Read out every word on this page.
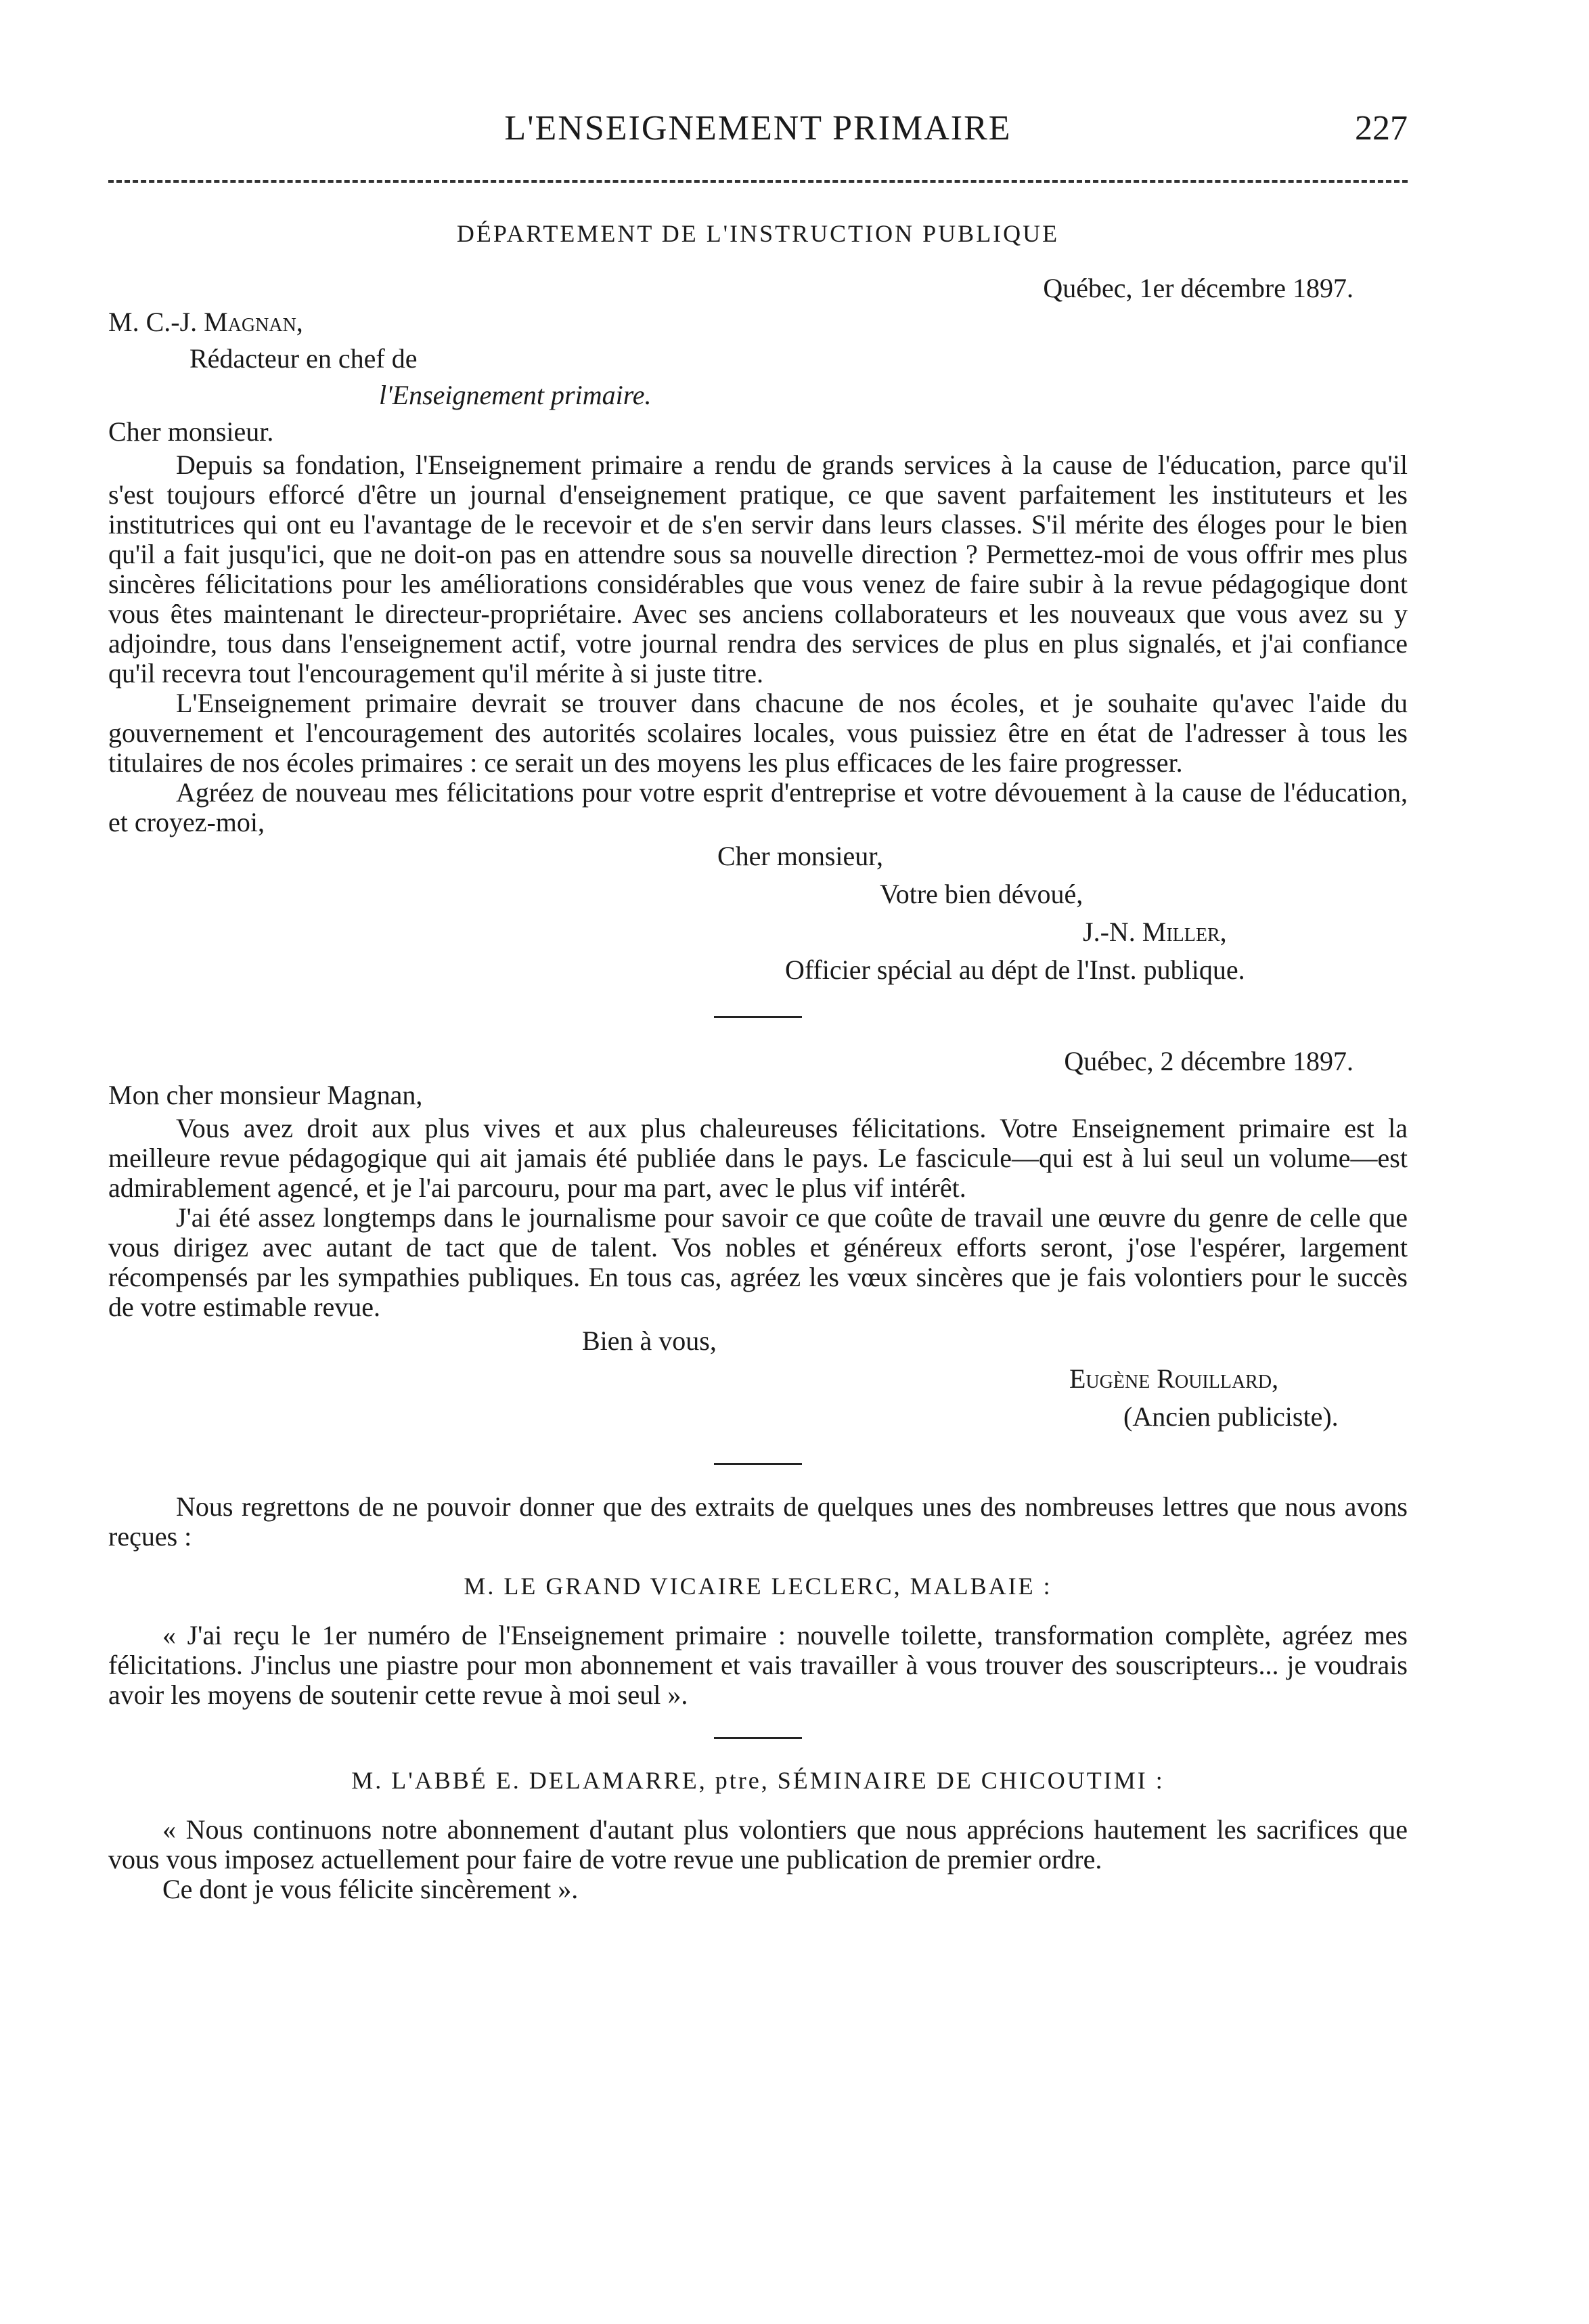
L'ENSEIGNEMENT PRIMAIRE	227

DÉPARTEMENT DE L'INSTRUCTION PUBLIQUE

Québec, 1er décembre 1897.

M. C.-J. Magnan,

Rédacteur en chef de

l'Enseignement primaire.

Cher monsieur.

Depuis sa fondation, l'Enseignement primaire a rendu de grands services à la cause de l'éducation, parce qu'il s'est toujours efforcé d'être un journal d'enseignement pratique, ce que savent parfaitement les instituteurs et les institutrices qui ont eu l'avantage de le recevoir et de s'en servir dans leurs classes. S'il mérite des éloges pour le bien qu'il a fait jusqu'ici, que ne doit-on pas en attendre sous sa nouvelle direction ? Permettez-moi de vous offrir mes plus sincères félicitations pour les améliorations considérables que vous venez de faire subir à la revue pédagogique dont vous êtes maintenant le directeur-propriétaire. Avec ses anciens collaborateurs et les nouveaux que vous avez su y adjoindre, tous dans l'enseignement actif, votre journal rendra des services de plus en plus signalés, et j'ai confiance qu'il recevra tout l'encouragement qu'il mérite à si juste titre.

L'Enseignement primaire devrait se trouver dans chacune de nos écoles, et je souhaite qu'avec l'aide du gouvernement et l'encouragement des autorités scolaires locales, vous puissiez être en état de l'adresser à tous les titulaires de nos écoles primaires : ce serait un des moyens les plus efficaces de les faire progresser.

Agréez de nouveau mes félicitations pour votre esprit d'entreprise et votre dévouement à la cause de l'éducation, et croyez-moi,

Cher monsieur,

Votre bien dévoué,

J.-N. Miller,

Officier spécial au dépt de l'Inst. publique.

Québec, 2 décembre 1897.

Mon cher monsieur Magnan,

Vous avez droit aux plus vives et aux plus chaleureuses félicitations. Votre Enseignement primaire est la meilleure revue pédagogique qui ait jamais été publiée dans le pays. Le fascicule—qui est à lui seul un volume—est admirablement agencé, et je l'ai parcouru, pour ma part, avec le plus vif intérêt.

J'ai été assez longtemps dans le journalisme pour savoir ce que coûte de travail une œuvre du genre de celle que vous dirigez avec autant de tact que de talent. Vos nobles et généreux efforts seront, j'ose l'espérer, largement récompensés par les sympathies publiques. En tous cas, agréez les vœux sincères que je fais volontiers pour le succès de votre estimable revue.

Bien à vous,

Eugène Rouillard,

(Ancien publiciste).

Nous regrettons de ne pouvoir donner que des extraits de quelques unes des nombreuses lettres que nous avons reçues :

M. LE GRAND VICAIRE LECLERC, MALBAIE :

« J'ai reçu le 1er numéro de l'Enseignement primaire : nouvelle toilette, transformation complète, agréez mes félicitations. J'inclus une piastre pour mon abonnement et vais travailler à vous trouver des souscripteurs... je voudrais avoir les moyens de soutenir cette revue à moi seul ».

M. L'ABBÉ E. DELAMARRE, ptre, SÉMINAIRE DE CHICOUTIMI :

« Nous continuons notre abonnement d'autant plus volontiers que nous apprécions hautement les sacrifices que vous vous imposez actuellement pour faire de votre revue une publication de premier ordre.

Ce dont je vous félicite sincèrement ».
